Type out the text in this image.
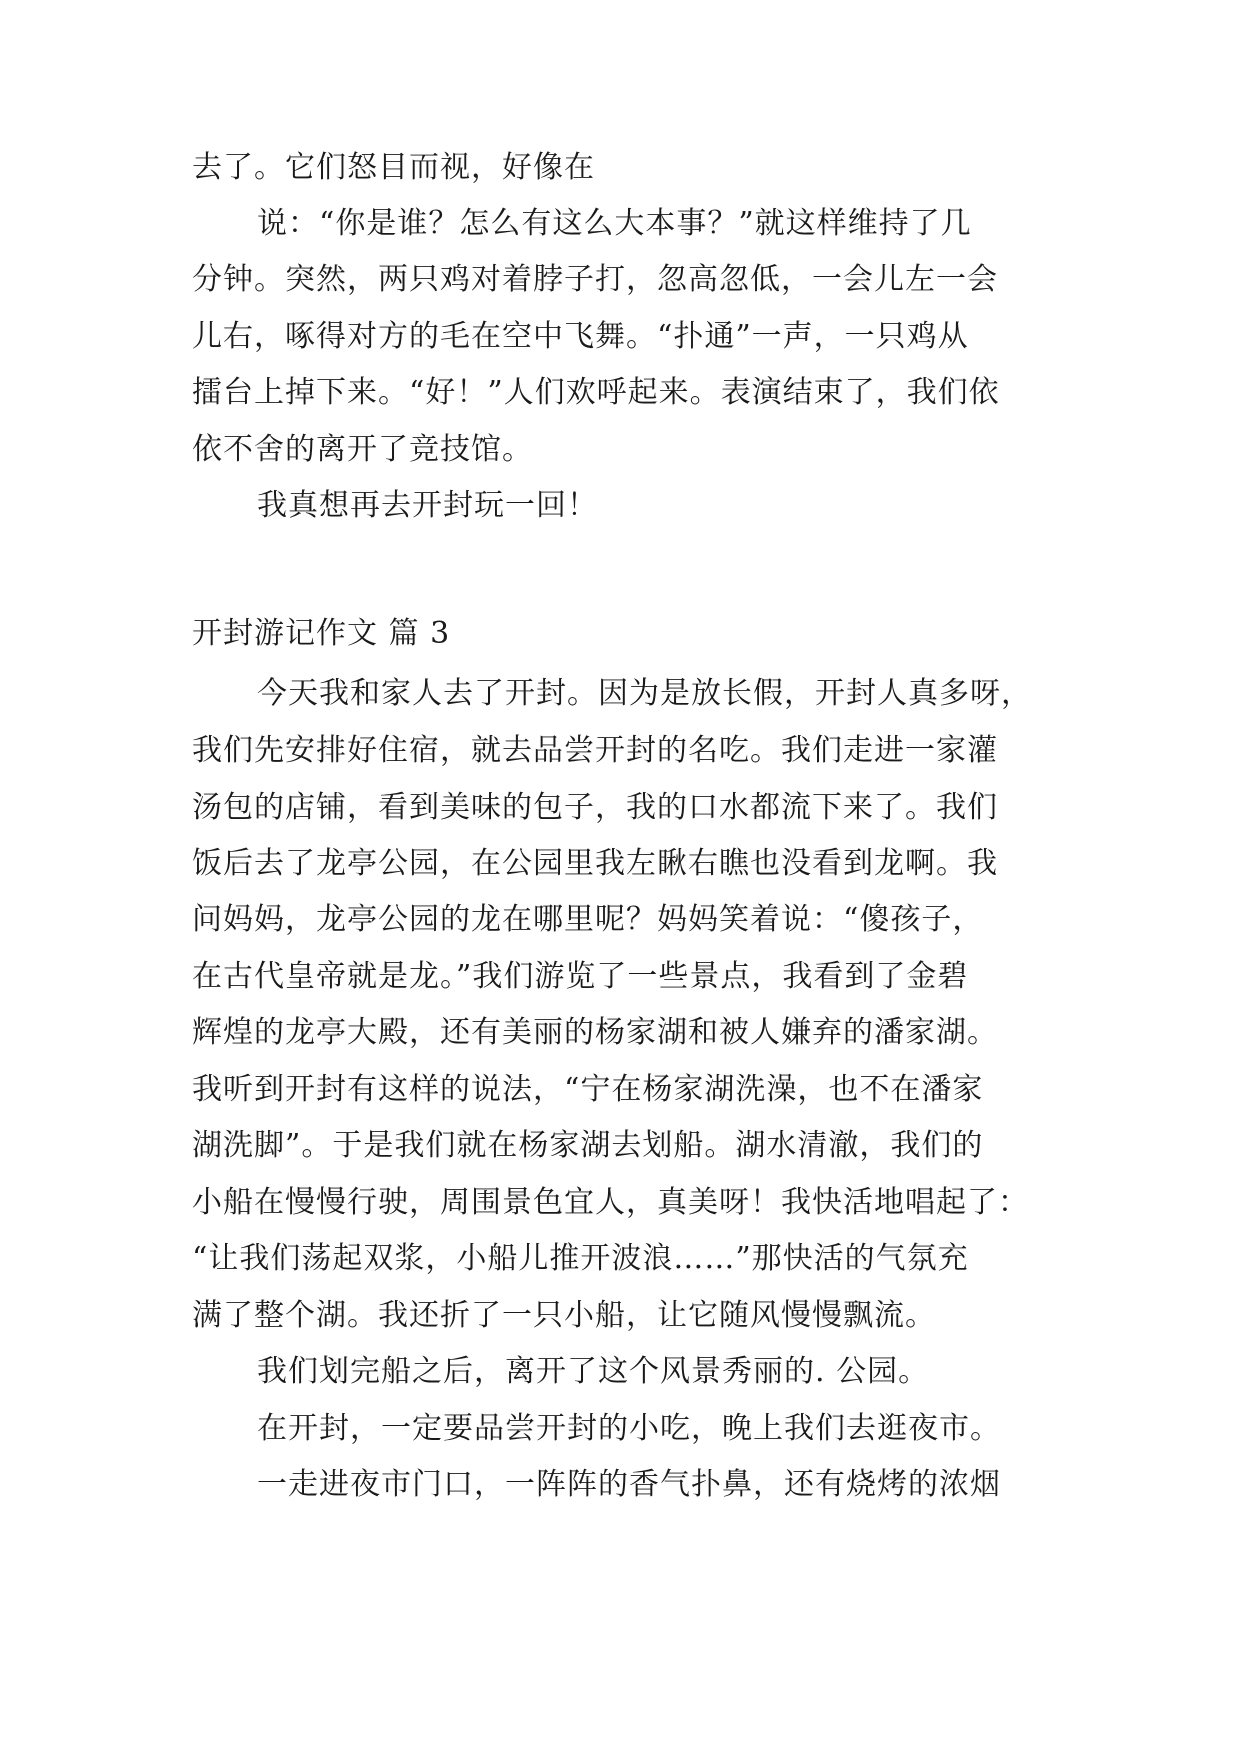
去了。它们怒目而视，好像在
说：“你是谁？怎么有这么大本事？”就这样维持了几
分钟。突然，两只鸡对着脖子打，忽高忽低，一会儿左一会
儿右，啄得对方的毛在空中飞舞。“扑通”一声，一只鸡从
擂台上掉下来。“好！”人们欢呼起来。表演结束了，我们依
依不舍的离开了竞技馆。
我真想再去开封玩一回！
开封游记作文 篇 3
今天我和家人去了开封。因为是放长假，开封人真多呀，
我们先安排好住宿，就去品尝开封的名吃。我们走进一家灌
汤包的店铺，看到美味的包子，我的口水都流下来了。我们
饭后去了龙亭公园，在公园里我左瞅右瞧也没看到龙啊。我
问妈妈，龙亭公园的龙在哪里呢？妈妈笑着说：“傻孩子，
在古代皇帝就是龙。”我们游览了一些景点，我看到了金碧
辉煌的龙亭大殿，还有美丽的杨家湖和被人嫌弃的潘家湖。
我听到开封有这样的说法，“宁在杨家湖洗澡，也不在潘家
湖洗脚”。于是我们就在杨家湖去划船。湖水清澈，我们的
小船在慢慢行驶，周围景色宜人，真美呀！我快活地唱起了：
“让我们荡起双浆，小船儿推开波浪……”那快活的气氛充
满了整个湖。我还折了一只小船，让它随风慢慢飘流。
我们划完船之后，离开了这个风景秀丽的. 公园。
在开封，一定要品尝开封的小吃，晚上我们去逛夜市。
一走进夜市门口，一阵阵的香气扑鼻，还有烧烤的浓烟
